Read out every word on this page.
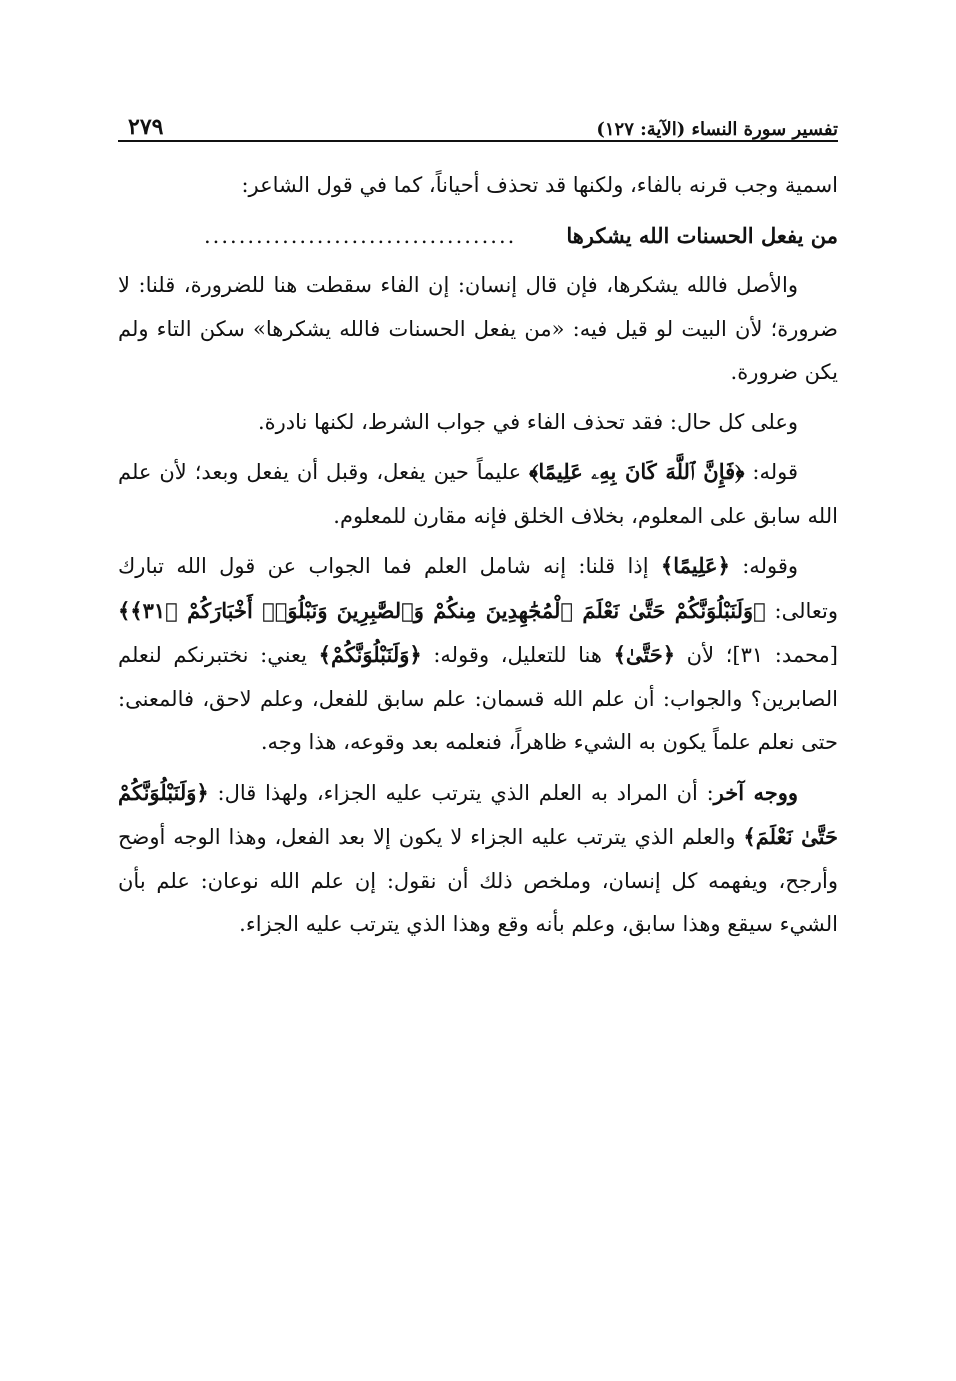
تفسير سورة النساء (الآية: ١٢٧)
٢٧٩

اسمية وجب قرنه بالفاء، ولكنها قد تحذف أحياناً، كما في قول الشاعر:

من يفعل الحسنات الله يشكرها
....................................

والأصل فالله يشكرها، فإن قال إنسان: إن الفاء سقطت هنا للضرورة، قلنا: لا ضرورة؛ لأن البيت لو قيل فيه: «من يفعل الحسنات فالله يشكرها» سكن التاء ولم يكن ضرورة.

وعلى كل حال: فقد تحذف الفاء في جواب الشرط، لكنها نادرة.

قوله: ﴿فَإِنَّ ٱللَّهَ كَانَ بِهِۦ عَلِيمًا﴾ عليماً حين يفعل، وقبل أن يفعل وبعد؛ لأن علم الله سابق على المعلوم، بخلاف الخلق فإنه مقارن للمعلوم.

وقوله: ﴿عَلِيمًا﴾ إذا قلنا: إنه شامل العلم فما الجواب عن قول الله تبارك وتعالى: ﴿وَلَنَبْلُوَنَّكُمْ حَتَّىٰ نَعْلَمَ ٱلْمُجَٰهِدِينَ مِنكُمْ وَٱلصَّٰبِرِينَ وَنَبْلُوَا۟ أَخْبَارَكُمْ ﴿٣١﴾﴾ [محمد: ٣١]؛ لأن ﴿حَتَّىٰ﴾ هنا للتعليل، وقوله: ﴿وَلَنَبْلُوَنَّكُمْ﴾ يعني: نختبرنكم لنعلم الصابرين؟ والجواب: أن علم الله قسمان: علم سابق للفعل، وعلم لاحق، فالمعنى: حتى نعلم علماً يكون به الشيء ظاهراً، فنعلمه بعد وقوعه، هذا وجه.

ووجه آخر: أن المراد به العلم الذي يترتب عليه الجزاء، ولهذا قال: ﴿وَلَنَبْلُوَنَّكُمْ حَتَّىٰ نَعْلَمَ﴾ والعلم الذي يترتب عليه الجزاء لا يكون إلا بعد الفعل، وهذا الوجه أوضح وأرجح، ويفهمه كل إنسان، وملخص ذلك أن نقول: إن علم الله نوعان: علم بأن الشيء سيقع وهذا سابق، وعلم بأنه وقع وهذا الذي يترتب عليه الجزاء.
